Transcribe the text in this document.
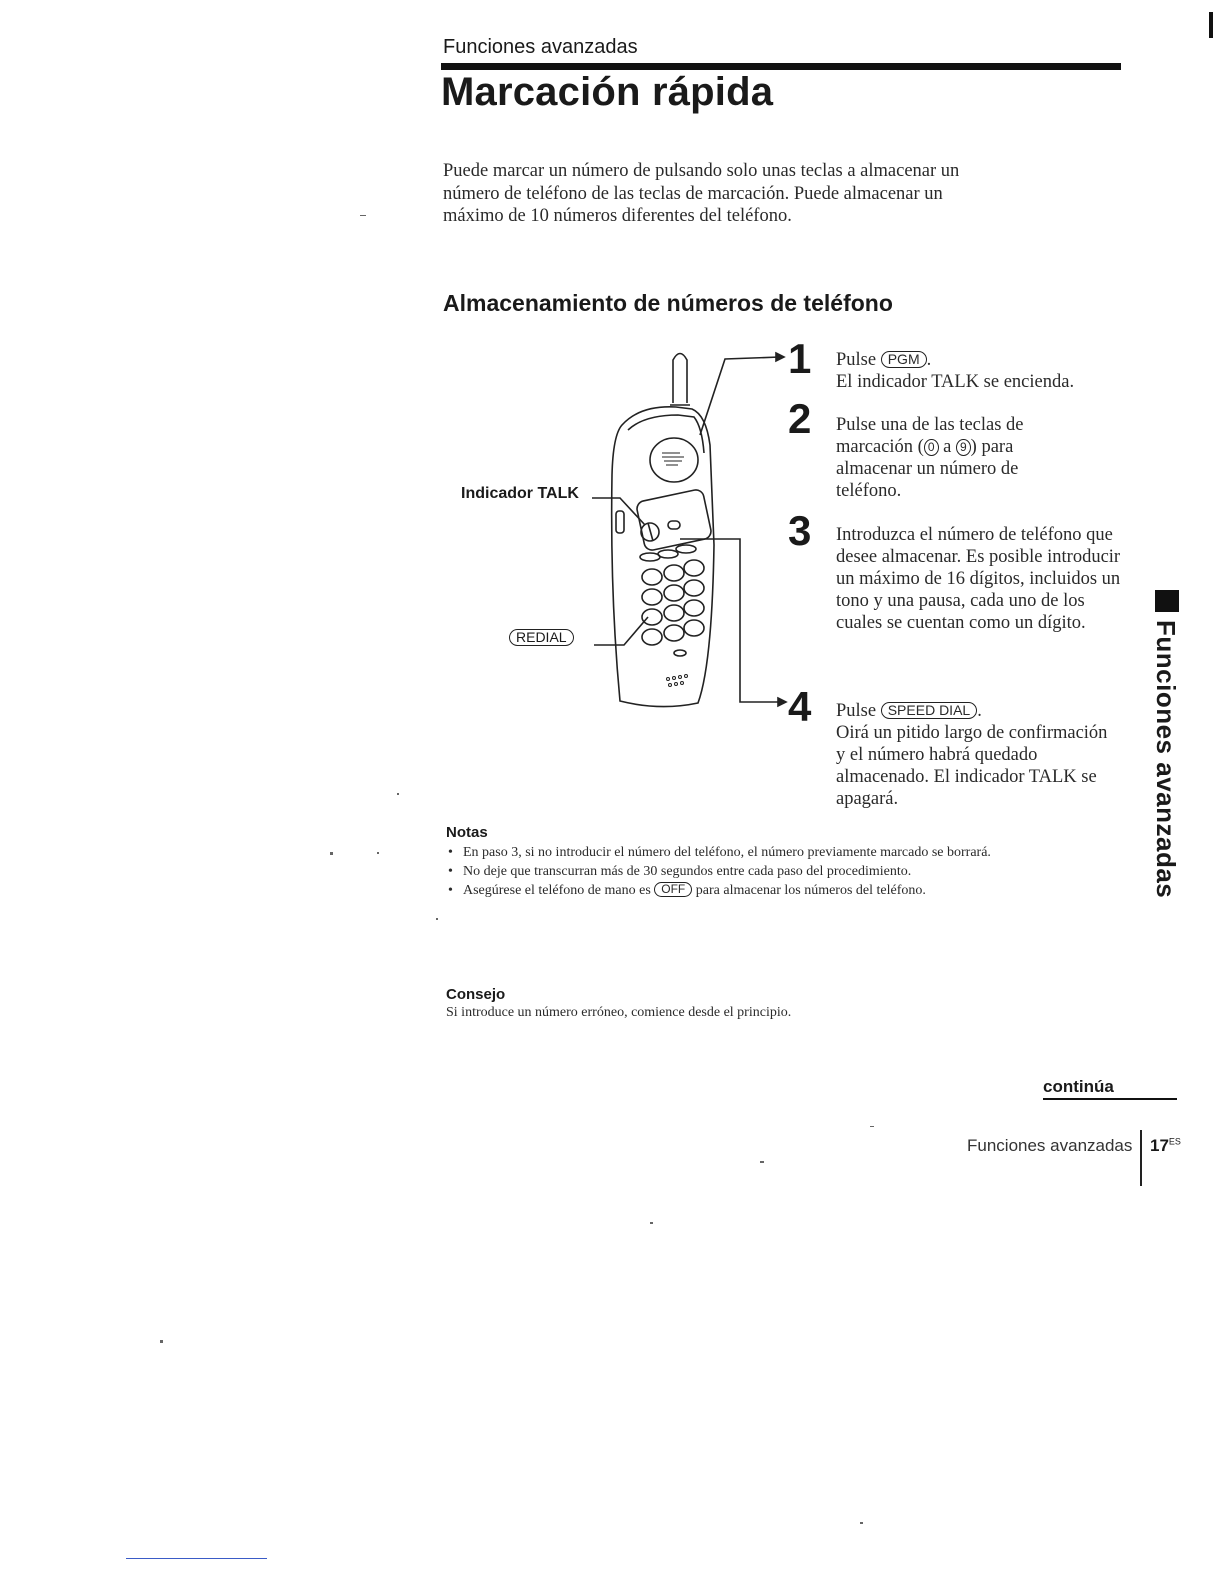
Funciones avanzadas
Marcación rápida

Puede marcar un número de pulsando solo unas teclas a almacenar un número de teléfono de las teclas de marcación. Puede almacenar un máximo de 10 números diferentes del teléfono.

Almacenamiento de números de teléfono
Indicador TALK
REDIAL
1
2
3
4
Pulse PGM .
El indicador TALK se encienda.
Pulse una de las teclas de marcación ( 0 a 9 ) para almacenar un número de teléfono.
Introduzca el número de teléfono que desee almacenar. Es posible introducir un máximo de 16 dígitos, incluidos un tono y una pausa, cada uno de los cuales se cuentan como un dígito.
Pulse SPEED DIAL .
Oirá un pitido largo de confirmación y el número habrá quedado almacenado. El indicador TALK se apagará.
Notas
• En paso 3, si no introducir el número del teléfono, el número previamente marcado se borrará.
• No deje que transcurran más de 30 segundos entre cada paso del procedimiento.
• Asegúrese el teléfono de mano es OFF para almacenar los números del teléfono.
Consejo
Si introduce un número erróneo, comience desde el principio.
continúa
Funciones avanzadas $17^{ES}$
Funciones avanzadas
